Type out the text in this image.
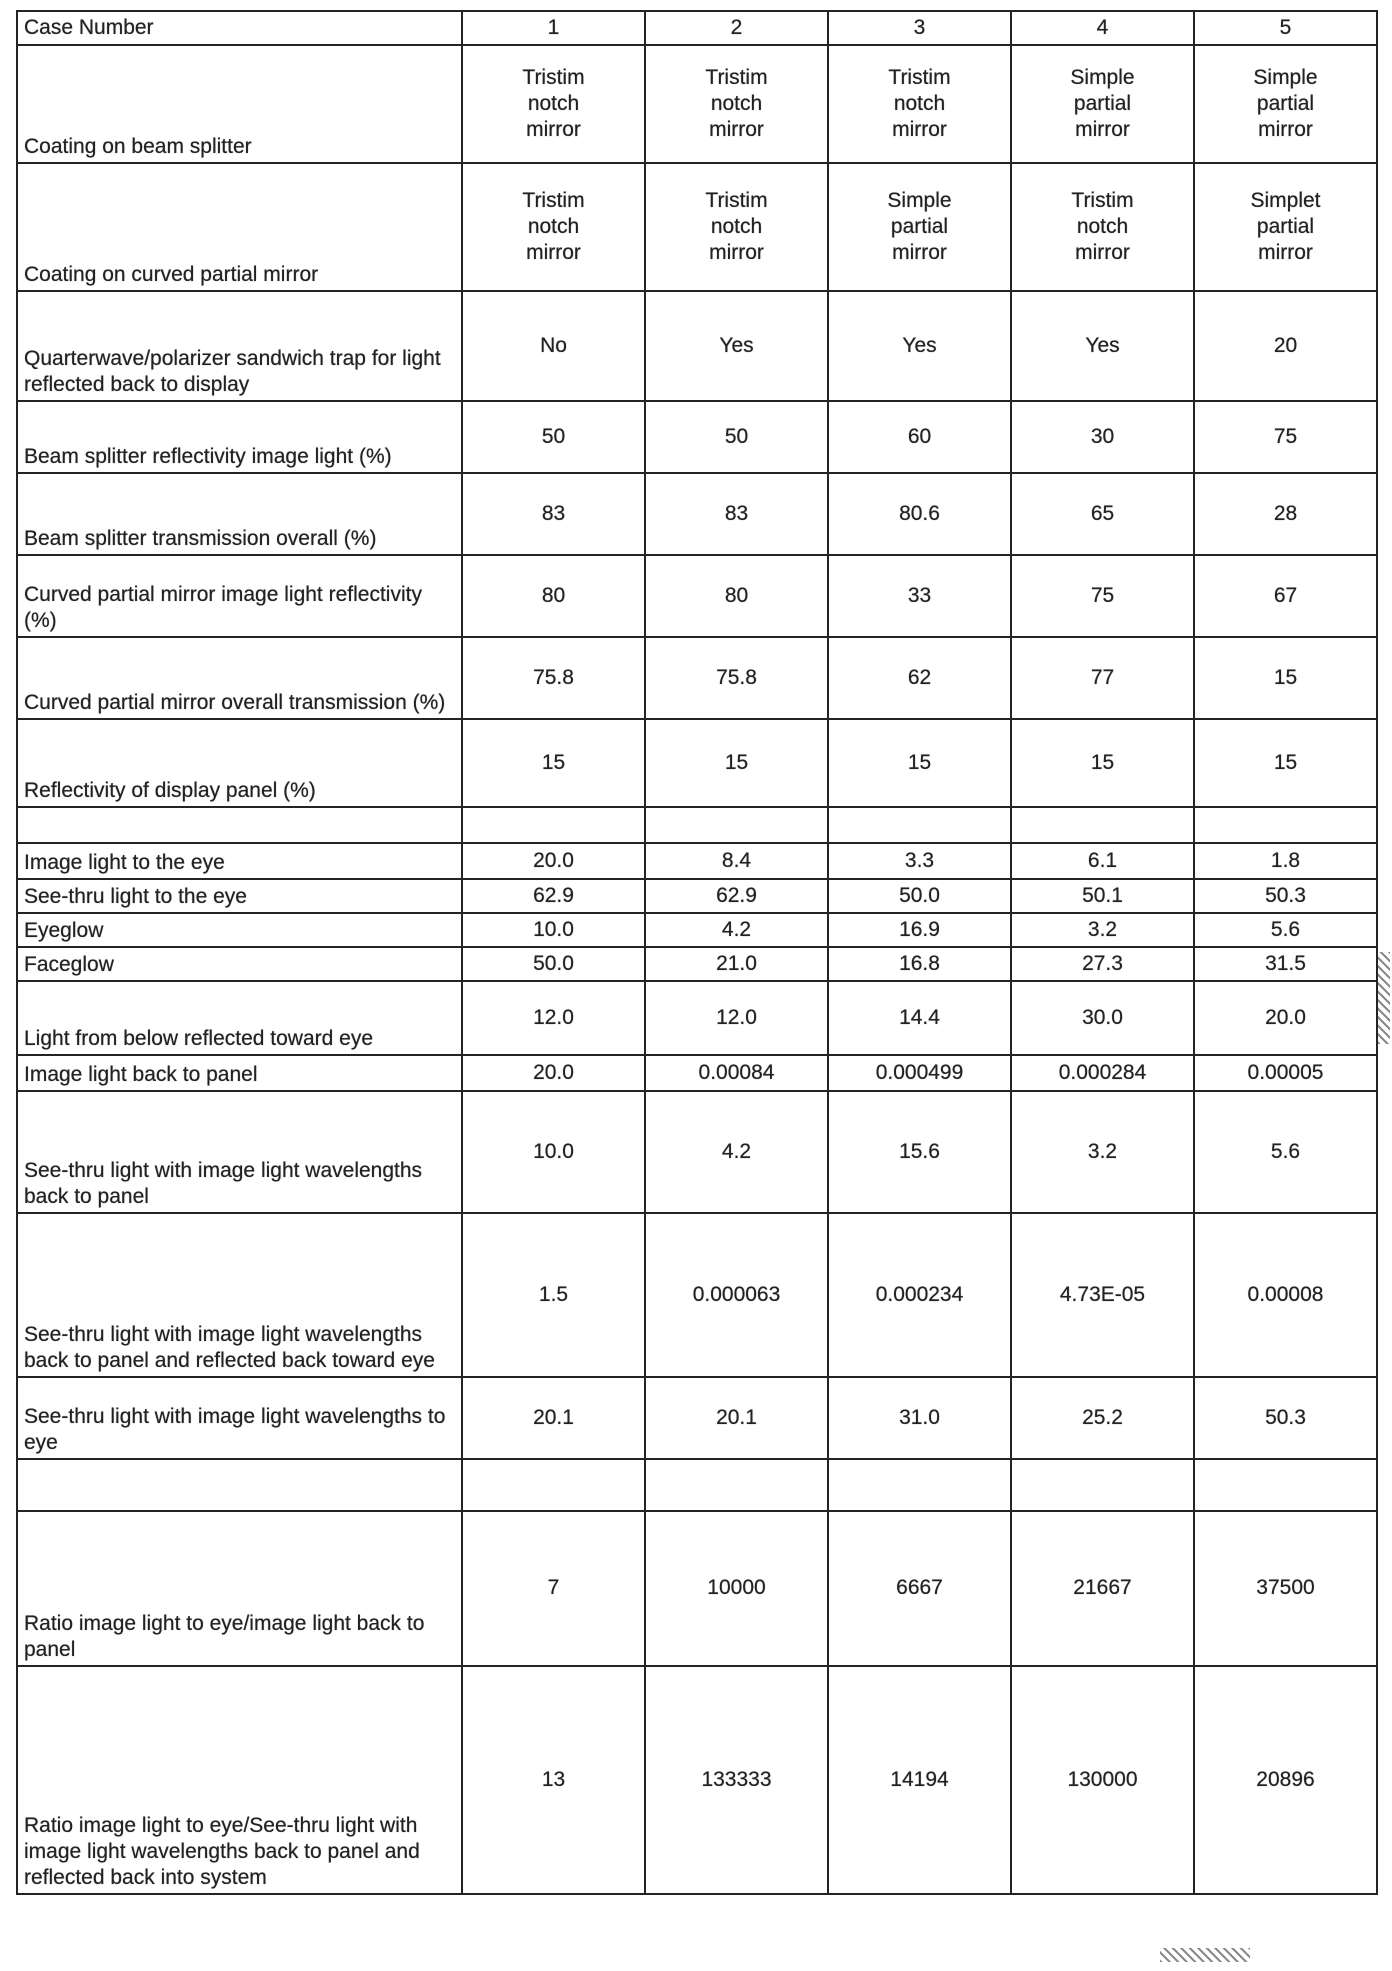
Case Number	1	2	3	4	5
Coating on beam splitter	Tristim notch mirror	Tristim notch mirror	Tristim notch mirror	Simple partial mirror	Simple partial mirror
Coating on curved partial mirror	Tristim notch mirror	Tristim notch mirror	Simple partial mirror	Tristim notch mirror	Simplet partial mirror
Quarterwave/polarizer sandwich trap for light reflected back to display	No	Yes	Yes	Yes	20
Beam splitter reflectivity image light (%)	50	50	60	30	75
Beam splitter transmission overall (%)	83	83	80.6	65	28
Curved partial mirror image light reflectivity (%)	80	80	33	75	67
Curved partial mirror overall transmission (%)	75.8	75.8	62	77	15
Reflectivity of display panel (%)	15	15	15	15	15

Image light to the eye	20.0	8.4	3.3	6.1	1.8
See-thru light to the eye	62.9	62.9	50.0	50.1	50.3
Eyeglow	10.0	4.2	16.9	3.2	5.6
Faceglow	50.0	21.0	16.8	27.3	31.5
Light from below reflected toward eye	12.0	12.0	14.4	30.0	20.0
Image light back to panel	20.0	0.00084	0.000499	0.000284	0.00005
See-thru light with image light wavelengths back to panel	10.0	4.2	15.6	3.2	5.6
See-thru light with image light wavelengths back to panel and reflected back toward eye	1.5	0.000063	0.000234	4.73E-05	0.00008
See-thru light with image light wavelengths to eye	20.1	20.1	31.0	25.2	50.3

Ratio image light to eye/image light back to panel	7	10000	6667	21667	37500
Ratio image light to eye/See-thru light with image light wavelengths back to panel and reflected back into system	13	133333	14194	130000	20896
